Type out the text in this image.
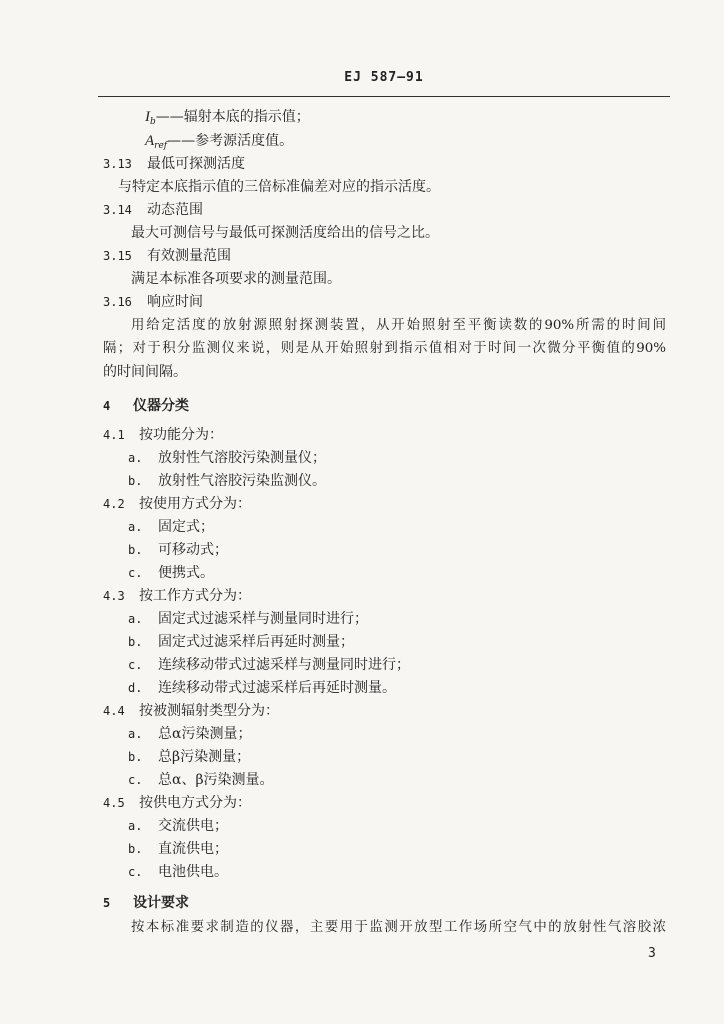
EJ 587—91
$I_b——$辐射本底的指示值；
$A_{ref}——$参考源活度值。
3.13 最低可探测活度
与特定本底指示值的三倍标准偏差对应的指示活度。
3.14 动态范围
最大可测信号与最低可探测活度给出的信号之比。
3.15 有效测量范围
满足本标准各项要求的测量范围。
3.16 响应时间
用给定活度的放射源照射探测装置，从开始照射至平衡读数的90%所需的时间间
隔；对于积分监测仪来说，则是从开始照射到指示值相对于时间一次微分平衡值的90%
的时间间隔。
4 仪器分类
4.1 按功能分为：
a. 放射性气溶胶污染测量仪；
b. 放射性气溶胶污染监测仪。
4.2 按使用方式分为：
a. 固定式；
b. 可移动式；
c. 便携式。
4.3 按工作方式分为：
a. 固定式过滤采样与测量同时进行；
b. 固定式过滤采样后再延时测量；
c. 连续移动带式过滤采样与测量同时进行；
d. 连续移动带式过滤采样后再延时测量。
4.4 按被测辐射类型分为：
a. 总α污染测量；
b. 总β污染测量；
c. 总α、β污染测量。
4.5 按供电方式分为：
a. 交流供电；
b. 直流供电；
c. 电池供电。
5 设计要求
按本标准要求制造的仪器，主要用于监测开放型工作场所空气中的放射性气溶胶浓
3
